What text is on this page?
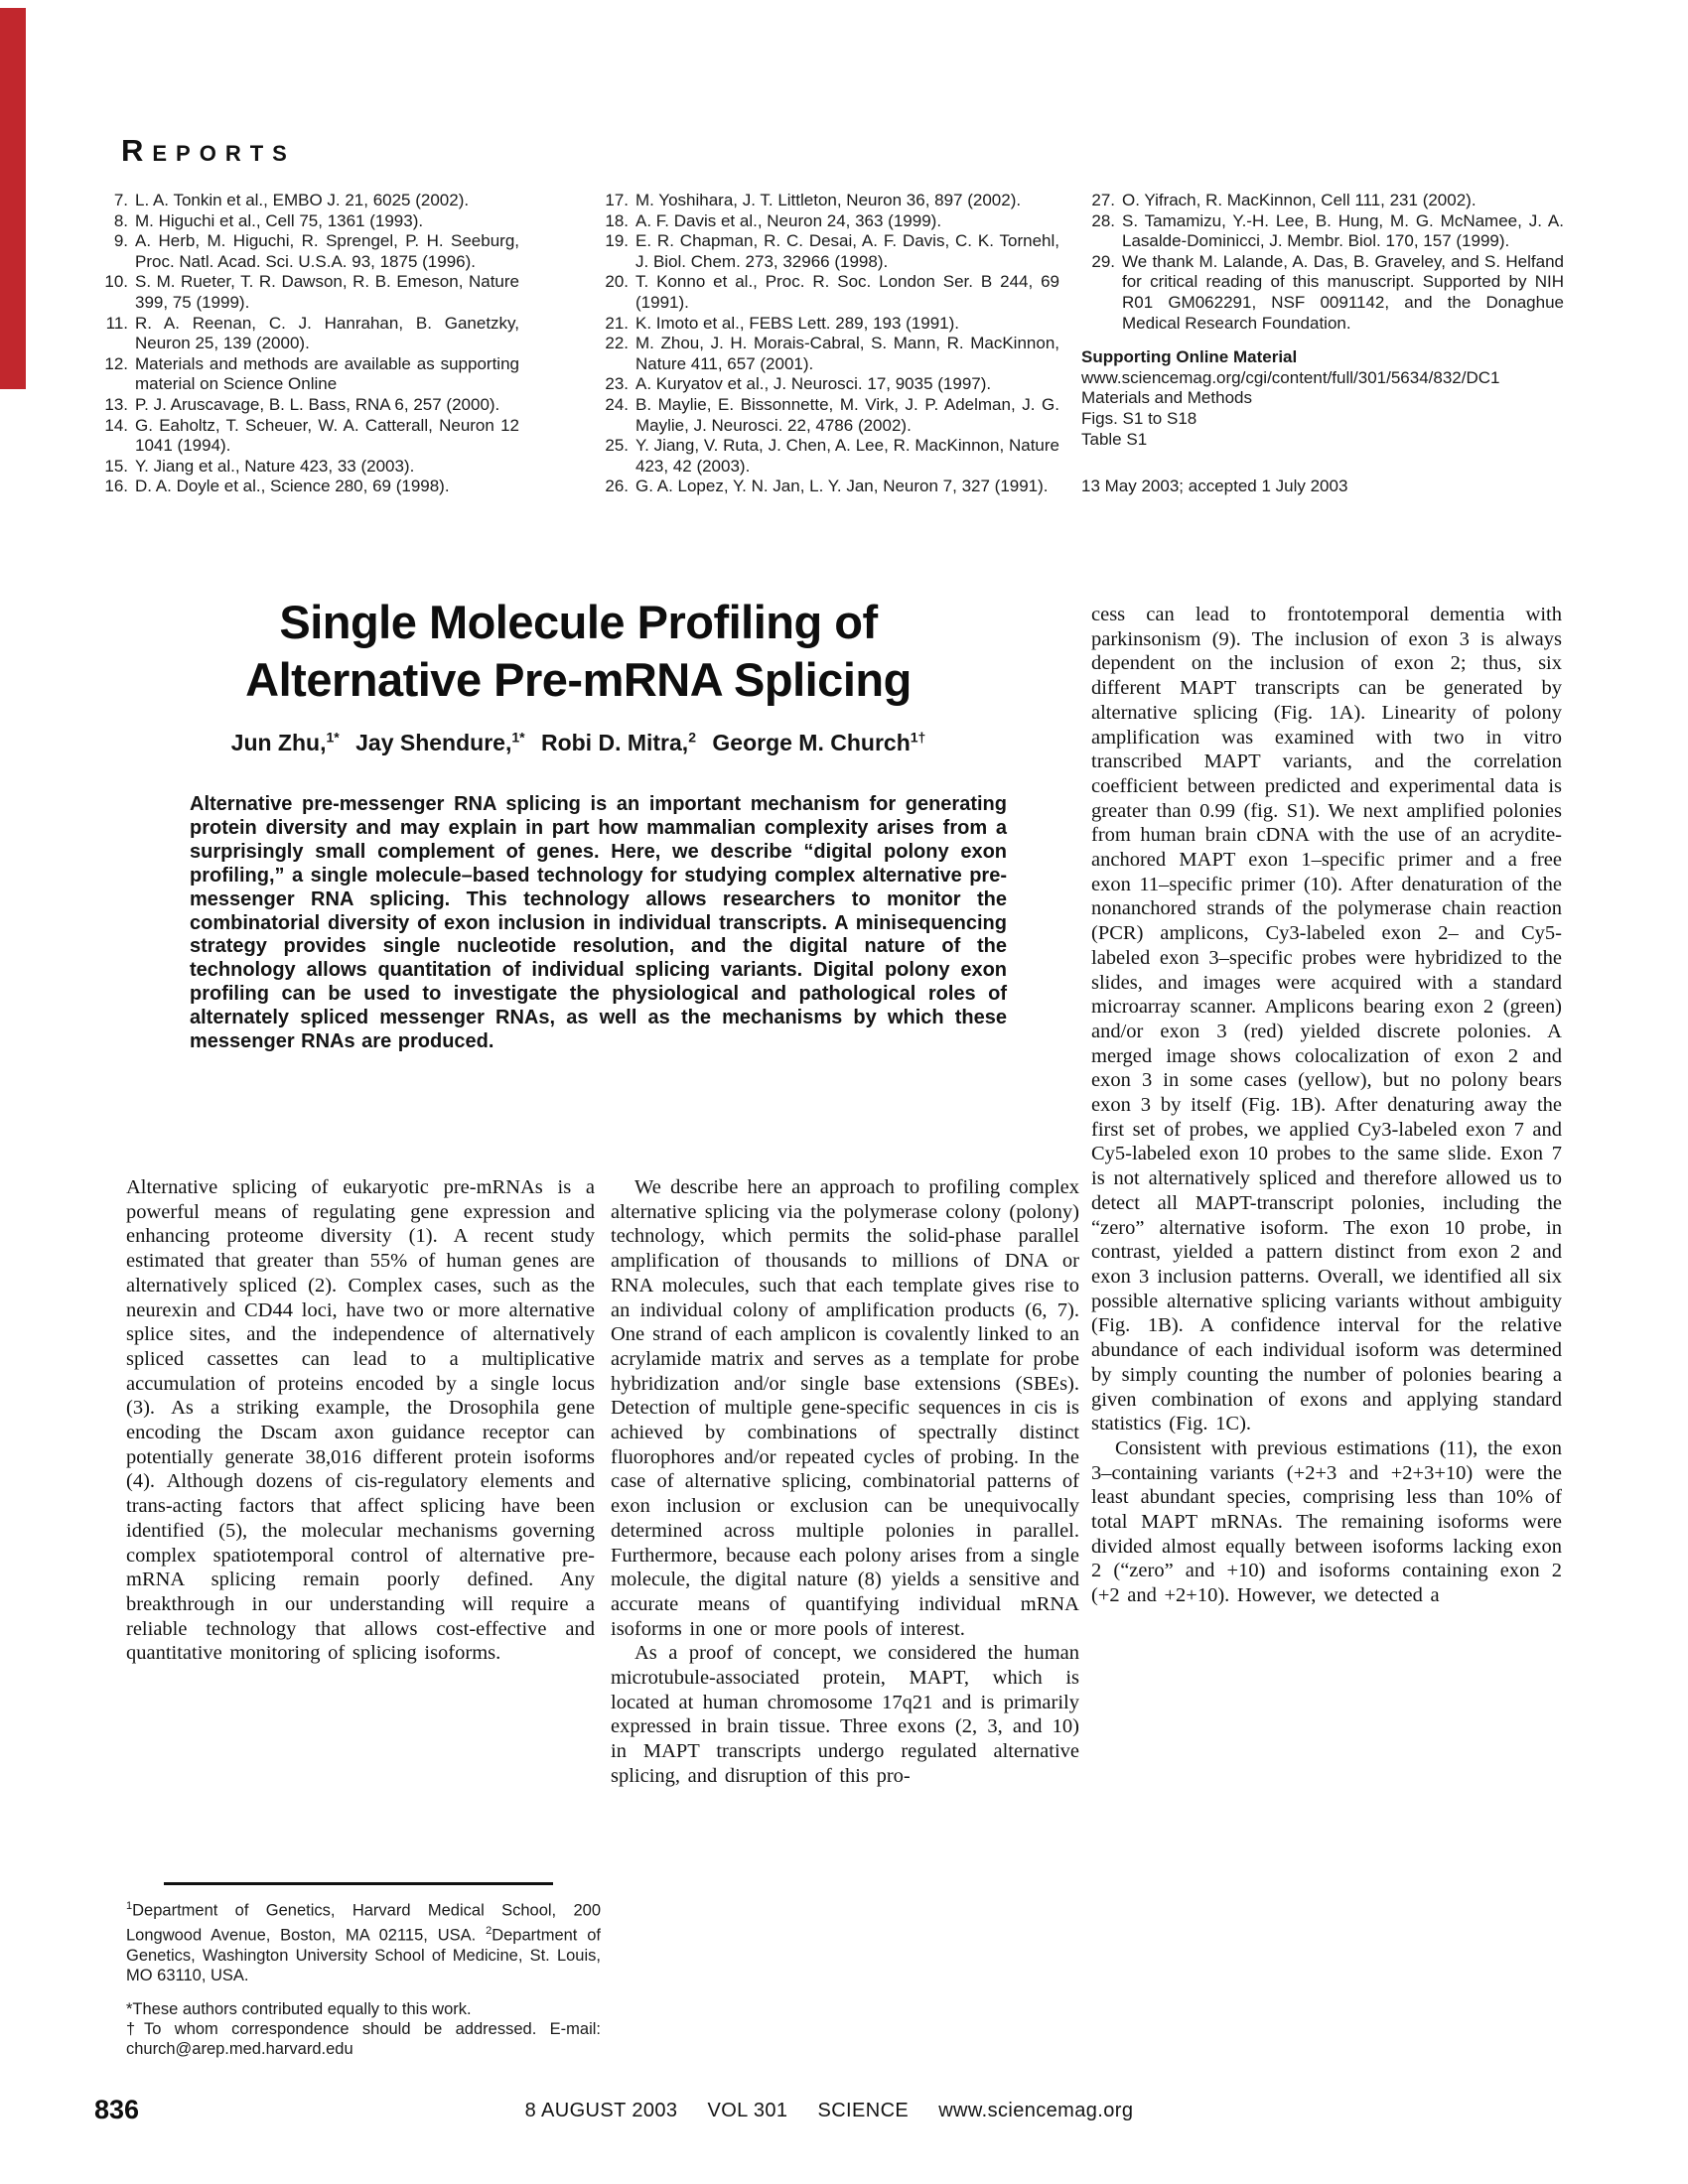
Reports
7. L. A. Tonkin et al., EMBO J. 21, 6025 (2002).
8. M. Higuchi et al., Cell 75, 1361 (1993).
9. A. Herb, M. Higuchi, R. Sprengel, P. H. Seeburg, Proc. Natl. Acad. Sci. U.S.A. 93, 1875 (1996).
10. S. M. Rueter, T. R. Dawson, R. B. Emeson, Nature 399, 75 (1999).
11. R. A. Reenan, C. J. Hanrahan, B. Ganetzky, Neuron 25, 139 (2000).
12. Materials and methods are available as supporting material on Science Online
13. P. J. Aruscavage, B. L. Bass, RNA 6, 257 (2000).
14. G. Eaholtz, T. Scheuer, W. A. Catterall, Neuron 12 1041 (1994).
15. Y. Jiang et al., Nature 423, 33 (2003).
16. D. A. Doyle et al., Science 280, 69 (1998).
17. M. Yoshihara, J. T. Littleton, Neuron 36, 897 (2002).
18. A. F. Davis et al., Neuron 24, 363 (1999).
19. E. R. Chapman, R. C. Desai, A. F. Davis, C. K. Tornehl, J. Biol. Chem. 273, 32966 (1998).
20. T. Konno et al., Proc. R. Soc. London Ser. B 244, 69 (1991).
21. K. Imoto et al., FEBS Lett. 289, 193 (1991).
22. M. Zhou, J. H. Morais-Cabral, S. Mann, R. MacKinnon, Nature 411, 657 (2001).
23. A. Kuryatov et al., J. Neurosci. 17, 9035 (1997).
24. B. Maylie, E. Bissonnette, M. Virk, J. P. Adelman, J. G. Maylie, J. Neurosci. 22, 4786 (2002).
25. Y. Jiang, V. Ruta, J. Chen, A. Lee, R. MacKinnon, Nature 423, 42 (2003).
26. G. A. Lopez, Y. N. Jan, L. Y. Jan, Neuron 7, 327 (1991).
27. O. Yifrach, R. MacKinnon, Cell 111, 231 (2002).
28. S. Tamamizu, Y.-H. Lee, B. Hung, M. G. McNamee, J. A. Lasalde-Dominicci, J. Membr. Biol. 170, 157 (1999).
29. We thank M. Lalande, A. Das, B. Graveley, and S. Helfand for critical reading of this manuscript. Supported by NIH R01 GM062291, NSF 0091142, and the Donaghue Medical Research Foundation.
Supporting Online Material
www.sciencemag.org/cgi/content/full/301/5634/832/DC1
Materials and Methods
Figs. S1 to S18
Table S1
13 May 2003; accepted 1 July 2003
Single Molecule Profiling of
Alternative Pre-mRNA Splicing
Jun Zhu,$^{1*}$ Jay Shendure,$^{1*}$ Robi D. Mitra,$^2$ George M. Church$^{1\dagger}$
Alternative pre-messenger RNA splicing is an important mechanism for generating protein diversity and may explain in part how mammalian complexity arises from a surprisingly small complement of genes. Here, we describe “digital polony exon profiling,” a single molecule–based technology for studying complex alternative pre-messenger RNA splicing. This technology allows researchers to monitor the combinatorial diversity of exon inclusion in individual transcripts. A minisequencing strategy provides single nucleotide resolution, and the digital nature of the technology allows quantitation of individual splicing variants. Digital polony exon profiling can be used to investigate the physiological and pathological roles of alternately spliced messenger RNAs, as well as the mechanisms by which these messenger RNAs are produced.

Alternative splicing of eukaryotic pre-mRNAs is a powerful means of regulating gene expression and enhancing proteome diversity (1). A recent study estimated that greater than 55% of human genes are alternatively spliced (2). Complex cases, such as the neurexin and CD44 loci, have two or more alternative splice sites, and the independence of alternatively spliced cassettes can lead to a multiplicative accumulation of proteins encoded by a single locus (3). As a striking example, the Drosophila gene encoding the Dscam axon guidance receptor can potentially generate 38,016 different protein isoforms (4). Although dozens of cis-regulatory elements and trans-acting factors that affect splicing have been identified (5), the molecular mechanisms governing complex spatiotemporal control of alternative pre-mRNA splicing remain poorly defined. Any breakthrough in our understanding will require a reliable technology that allows cost-effective and quantitative monitoring of splicing isoforms.

We describe here an approach to profiling complex alternative splicing via the polymerase colony (polony) technology, which permits the solid-phase parallel amplification of thousands to millions of DNA or RNA molecules, such that each template gives rise to an individual colony of amplification products (6, 7). One strand of each amplicon is covalently linked to an acrylamide matrix and serves as a template for probe hybridization and/or single base extensions (SBEs). Detection of multiple gene-specific sequences in cis is achieved by combinations of spectrally distinct fluorophores and/or repeated cycles of probing. In the case of alternative splicing, combinatorial patterns of exon inclusion or exclusion can be unequivocally determined across multiple polonies in parallel. Furthermore, because each polony arises from a single molecule, the digital nature (8) yields a sensitive and accurate means of quantifying individual mRNA isoforms in one or more pools of interest.

As a proof of concept, we considered the human microtubule-associated protein, MAPT, which is located at human chromosome 17q21 and is primarily expressed in brain tissue. Three exons (2, 3, and 10) in MAPT transcripts undergo regulated alternative splicing, and disruption of this pro-

cess can lead to frontotemporal dementia with parkinsonism (9). The inclusion of exon 3 is always dependent on the inclusion of exon 2; thus, six different MAPT transcripts can be generated by alternative splicing (Fig. 1A). Linearity of polony amplification was examined with two in vitro transcribed MAPT variants, and the correlation coefficient between predicted and experimental data is greater than 0.99 (fig. S1). We next amplified polonies from human brain cDNA with the use of an acrydite-anchored MAPT exon 1–specific primer and a free exon 11–specific primer (10). After denaturation of the nonanchored strands of the polymerase chain reaction (PCR) amplicons, Cy3-labeled exon 2– and Cy5-labeled exon 3–specific probes were hybridized to the slides, and images were acquired with a standard microarray scanner. Amplicons bearing exon 2 (green) and/or exon 3 (red) yielded discrete polonies. A merged image shows colocalization of exon 2 and exon 3 in some cases (yellow), but no polony bears exon 3 by itself (Fig. 1B). After denaturing away the first set of probes, we applied Cy3-labeled exon 7 and Cy5-labeled exon 10 probes to the same slide. Exon 7 is not alternatively spliced and therefore allowed us to detect all MAPT-transcript polonies, including the “zero” alternative isoform. The exon 10 probe, in contrast, yielded a pattern distinct from exon 2 and exon 3 inclusion patterns. Overall, we identified all six possible alternative splicing variants without ambiguity (Fig. 1B). A confidence interval for the relative abundance of each individual isoform was determined by simply counting the number of polonies bearing a given combination of exons and applying standard statistics (Fig. 1C).

Consistent with previous estimations (11), the exon 3–containing variants (+2+3 and +2+3+10) were the least abundant species, comprising less than 10% of total MAPT mRNAs. The remaining isoforms were divided almost equally between isoforms lacking exon 2 (“zero” and +10) and isoforms containing exon 2 (+2 and +2+10). However, we detected a

$^1$Department of Genetics, Harvard Medical School, 200 Longwood Avenue, Boston, MA 02115, USA. $^2$Department of Genetics, Washington University School of Medicine, St. Louis, MO 63110, USA.
*These authors contributed equally to this work.
†To whom correspondence should be addressed. E-mail: church@arep.med.harvard.edu
836	8 AUGUST 2003 VOL 301 SCIENCE www.sciencemag.org
